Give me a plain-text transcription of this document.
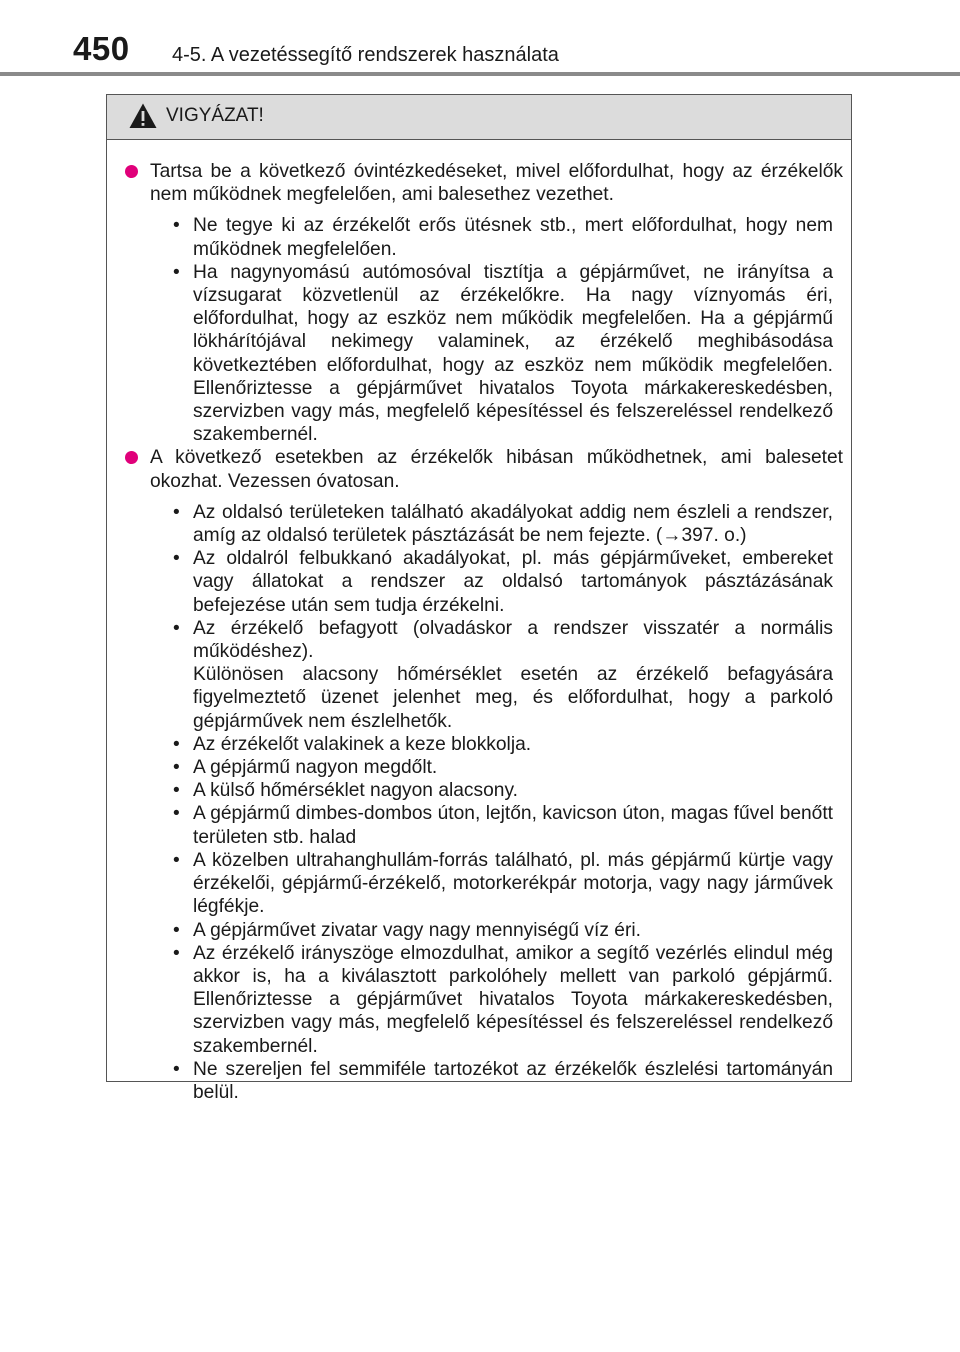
450 4-5. A vezetéssegítő rendszerek használata
VIGYÁZAT!
Tartsa be a következő óvintézkedéseket, mivel előfordulhat, hogy az érzékelők nem működnek megfelelően, ami balesethez vezethet.
• Ne tegye ki az érzékelőt erős ütésnek stb., mert előfordulhat, hogy nem működnek megfelelően.
• Ha nagynyomású autómosóval tisztítja a gépjárművet, ne irányítsa a vízsugarat közvetlenül az érzékelőkre. Ha nagy víznyomás éri, előfordulhat, hogy az eszköz nem működik megfelelően. Ha a gépjármű lökhárítójával nekimegy valaminek, az érzékelő meghibásodása következtében előfordulhat, hogy az eszköz nem működik megfelelően. Ellenőriztesse a gépjárművet hivatalos Toyota márkakereskedésben, szervizben vagy más, megfelelő képesítéssel és felszereléssel rendelkező szakembernél.
A következő esetekben az érzékelők hibásan működhetnek, ami balesetet okozhat. Vezessen óvatosan.
• Az oldalsó területeken található akadályokat addig nem észleli a rendszer, amíg az oldalsó területek pásztázását be nem fejezte. (→397. o.)
• Az oldalról felbukkanó akadályokat, pl. más gépjárműveket, embereket vagy állatokat a rendszer az oldalsó tartományok pásztázásának befejezése után sem tudja érzékelni.
• Az érzékelő befagyott (olvadáskor a rendszer visszatér a normális működéshez).
Különösen alacsony hőmérséklet esetén az érzékelő befagyására figyelmeztető üzenet jelenhet meg, és előfordulhat, hogy a parkoló gépjárművek nem észlelhetők.
• Az érzékelőt valakinek a keze blokkolja.
• A gépjármű nagyon megdőlt.
• A külső hőmérséklet nagyon alacsony.
• A gépjármű dimbes-dombos úton, lejtőn, kavicson úton, magas fűvel benőtt területen stb. halad
• A közelben ultrahanghullám-forrás található, pl. más gépjármű kürtje vagy érzékelői, gépjármű-érzékelő, motorkerékpár motorja, vagy nagy járművek légfékje.
• A gépjárművet zivatar vagy nagy mennyiségű víz éri.
• Az érzékelő irányszöge elmozdulhat, amikor a segítő vezérlés elindul még akkor is, ha a kiválasztott parkolóhely mellett van parkoló gépjármű. Ellenőriztesse a gépjárművet hivatalos Toyota márkakereskedésben, szervizben vagy más, megfelelő képesítéssel és felszereléssel rendelkező szakembernél.
• Ne szereljen fel semmiféle tartozékot az érzékelők észlelési tartományán belül.
